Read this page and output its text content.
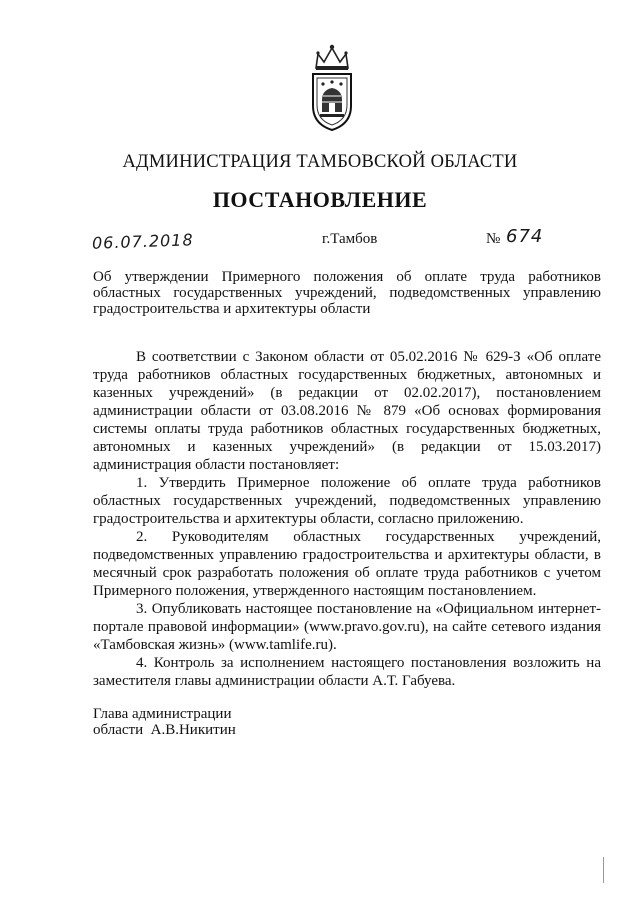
АДМИНИСТРАЦИЯ ТАМБОВСКОЙ ОБЛАСТИ
ПОСТАНОВЛЕНИЕ
06.07.2018	г.Тамбов	№ 674
Об утверждении Примерного положения об оплате труда работников областных государственных учреждений, подведомственных управлению градостроительства и архитектуры области

В соответствии с Законом области от 05.02.2016 № 629-З «Об оплате труда работников областных государственных бюджетных, автономных и казенных учреждений» (в редакции от 02.02.2017), постановлением администрации области от 03.08.2016 № 879 «Об основах формирования системы оплаты труда работников областных государственных бюджетных, автономных и казенных учреждений» (в редакции от 15.03.2017) администрация области постановляет:

1. Утвердить Примерное положение об оплате труда работников областных государственных учреждений, подведомственных управлению градостроительства и архитектуры области, согласно приложению.

2. Руководителям областных государственных учреждений, подведомственных управлению градостроительства и архитектуры области, в месячный срок разработать положения об оплате труда работников с учетом Примерного положения, утвержденного настоящим постановлением.

3. Опубликовать настоящее постановление на «Официальном интернет-портале правовой информации» (www.pravo.gov.ru), на сайте сетевого издания «Тамбовская жизнь» (www.tamlife.ru).

4. Контроль за исполнением настоящего постановления возложить на заместителя главы администрации области А.Т. Габуева.

Глава администрации
области  А.В.Никитин
